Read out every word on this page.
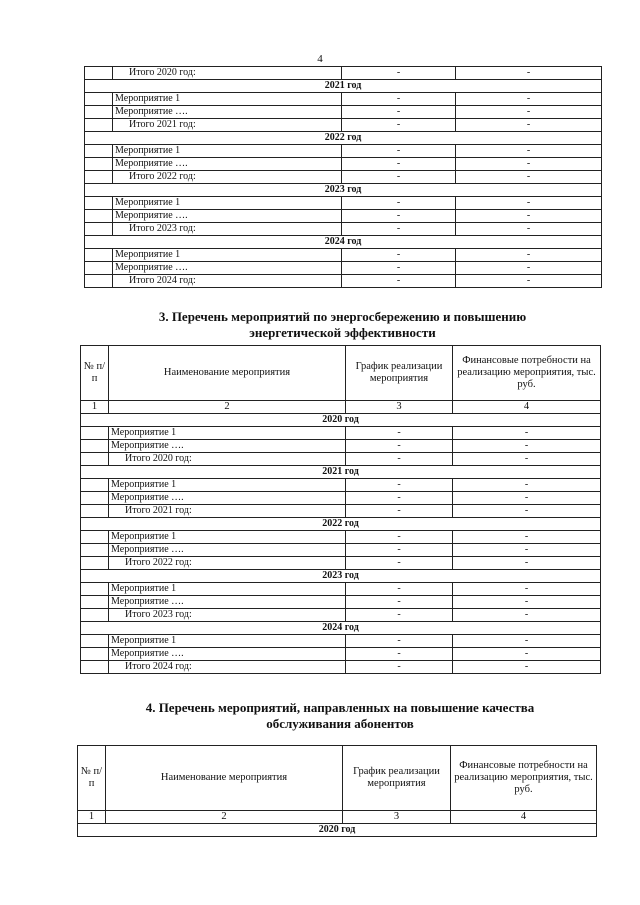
4
	Итого 2020 год:	-	-
2021 год			
	Мероприятие 1	-	-
	Мероприятие ….	-	-
	Итого 2021 год:	-	-
2022 год			
	Мероприятие 1	-	-
	Мероприятие ….	-	-
	Итого 2022 год:	-	-
2023 год			
	Мероприятие 1	-	-
	Мероприятие ….	-	-
	Итого 2023 год:	-	-
2024 год			
	Мероприятие 1	-	-
	Мероприятие ….	-	-
	Итого 2024 год:	-	-
3. Перечень мероприятий по энергосбережению и повышению
энергетической эффективности
№ п/п	Наименование мероприятия	График реализации мероприятия	Финансовые потребности на реализацию мероприятия, тыс. руб.
1	2	3	4
2020 год			
	Мероприятие 1	-	-
	Мероприятие ….	-	-
	Итого 2020 год:	-	-
2021 год			
	Мероприятие 1	-	-
	Мероприятие ….	-	-
	Итого 2021 год:	-	-
2022 год			
	Мероприятие 1	-	-
	Мероприятие ….	-	-
	Итого 2022 год:	-	-
2023 год			
	Мероприятие 1	-	-
	Мероприятие ….	-	-
	Итого 2023 год:	-	-
2024 год			
	Мероприятие 1	-	-
	Мероприятие ….	-	-
	Итого 2024 год:	-	-
4. Перечень мероприятий, направленных на повышение качества
обслуживания абонентов
№ п/п	Наименование мероприятия	График реализации мероприятия	Финансовые потребности на реализацию мероприятия, тыс. руб.
1	2	3	4
2020 год			
